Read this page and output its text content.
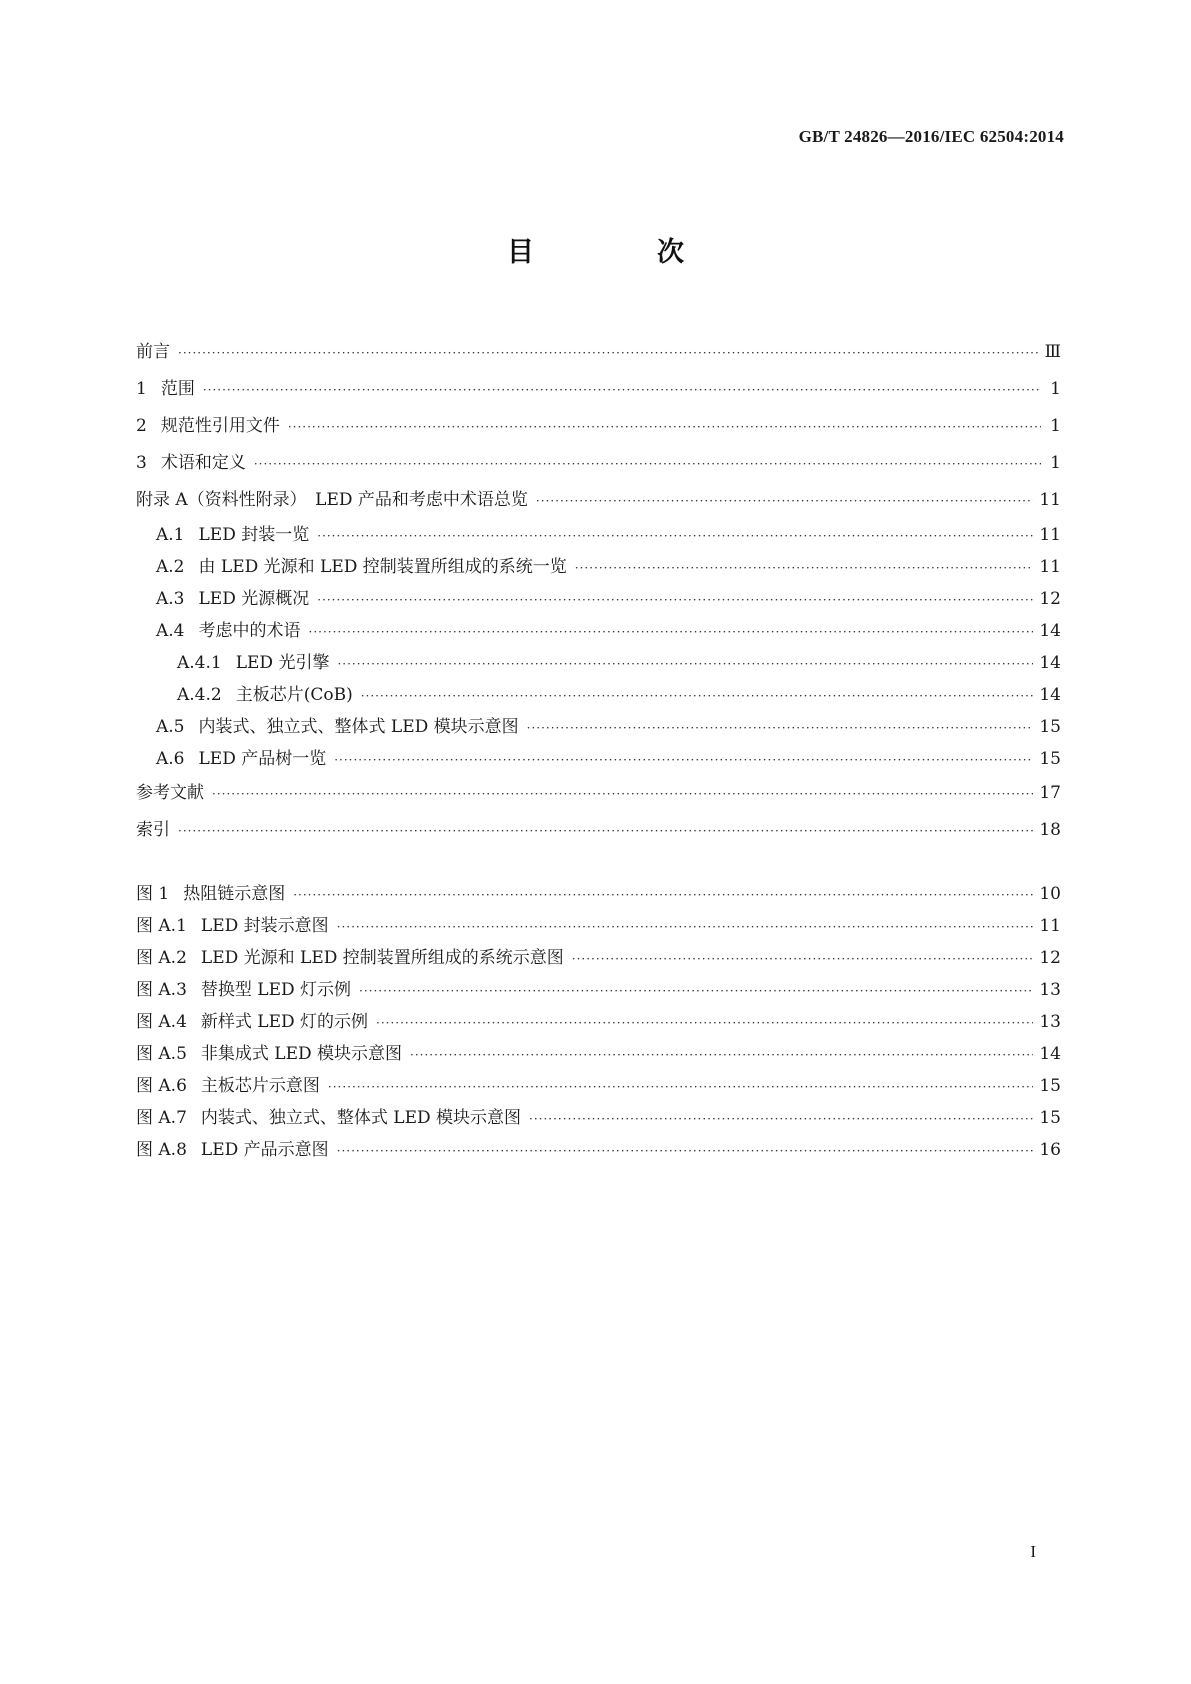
GB/T 24826—2016/IEC 62504:2014
目　次
前言 ·····	Ⅲ
1 范围 ·····	1
2 规范性引用文件 ·····	1
3 术语和定义 ·····	1
附录 A（资料性附录）　LED 产品和考虑中术语总览 ·····	11
A.1 LED 封装一览 ·····	11
A.2 由 LED 光源和 LED 控制装置所组成的系统一览 ·····	11
A.3 LED 光源概况 ·····	12
A.4 考虑中的术语 ·····	14
A.4.1 LED 光引擎 ·····	14
A.4.2 主板芯片(CoB) ·····	14
A.5 内装式、独立式、整体式 LED 模块示意图 ·····	15
A.6 LED 产品树一览 ·····	15
参考文献 ·····	17
索引 ·····	18
图 1 热阻链示意图 ·····	10
图 A.1 LED 封装示意图 ·····	11
图 A.2 LED 光源和 LED 控制装置所组成的系统示意图 ·····	12
图 A.3 替换型 LED 灯示例 ·····	13
图 A.4 新样式 LED 灯的示例 ·····	13
图 A.5 非集成式 LED 模块示意图 ·····	14
图 A.6 主板芯片示意图 ·····	15
图 A.7 内装式、独立式、整体式 LED 模块示意图 ·····	15
图 A.8 LED 产品示意图 ·····	16
I
